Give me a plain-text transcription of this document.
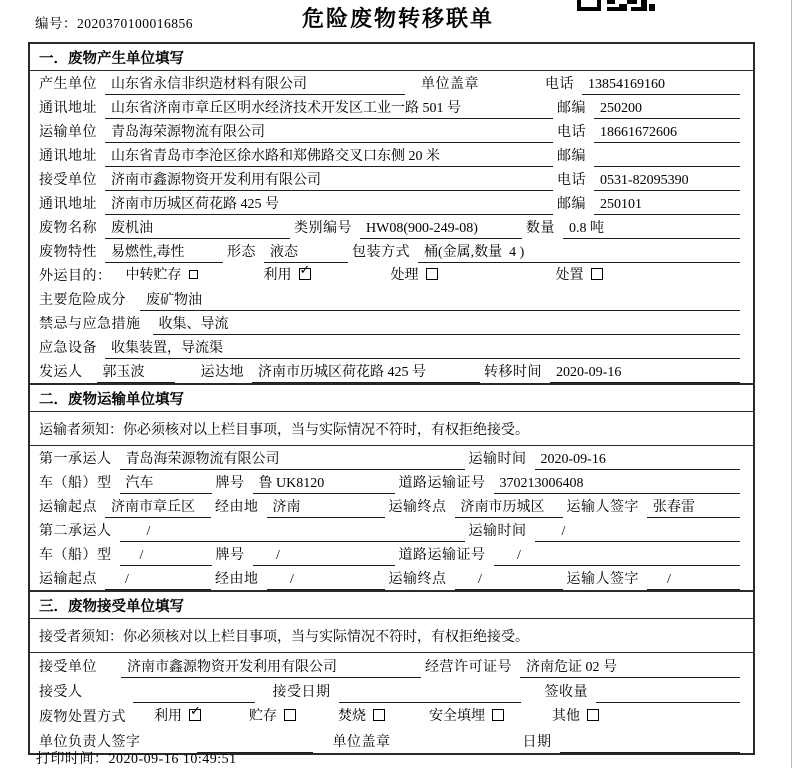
编号：2020370100016856	危险废物转移联单
一．废物产生单位填写
产生单位	山东省永信非织造材料有限公司	单位盖章	电话	13854169160
通讯地址	山东省济南市章丘区明水经济技术开发区工业一路 501 号	邮编	250200
运输单位	青岛海荣源物流有限公司	电话	18661672606
通讯地址	山东省青岛市李沧区徐水路和郑佛路交叉口东侧 20 米	邮编
接受单位	济南市鑫源物资开发利用有限公司	电话	0531-82095390
通讯地址	济南市历城区荷花路 425 号	邮编	250101
废物名称	废机油	类别编号	HW08(900-249-08)	数量	0.8 吨
废物特性	易燃性,毒性	形态	液态	包装方式	桶(金属,数量  4 )
外运目的： 中转贮存	利用 ✓	处理	处置
主要危险成分	废矿物油
禁忌与应急措施	收集、导流
应急设备	收集装置，导流渠
发运人	郭玉波	运达地	济南市历城区荷花路 425 号	转移时间	2020-09-16
二．废物运输单位填写
运输者须知：你必须核对以上栏目事项，当与实际情况不符时，有权拒绝接受。
第一承运人	青岛海荣源物流有限公司	运输时间	2020-09-16
车（船）型	汽车	牌号	鲁 UK8120	道路运输证号	370213006408
运输起点	济南市章丘区	经由地	济南	运输终点	济南市历城区	运输人签字	张春雷
第二承运人	/	运输时间	/
车（船）型	/	牌号	/	道路运输证号	/
运输起点	/	经由地	/	运输终点	/	运输人签字	/
三．废物接受单位填写
接受者须知：你必须核对以上栏目事项，当与实际情况不符时，有权拒绝接受。
接受单位	济南市鑫源物资开发利用有限公司	经营许可证号	济南危证 02 号
接受人	接受日期	签收量
废物处置方式 利用 ✓	贮存	焚烧	安全填埋	其他
单位负责人签字	单位盖章	日期
打印时间：2020-09-16 10:49:51
